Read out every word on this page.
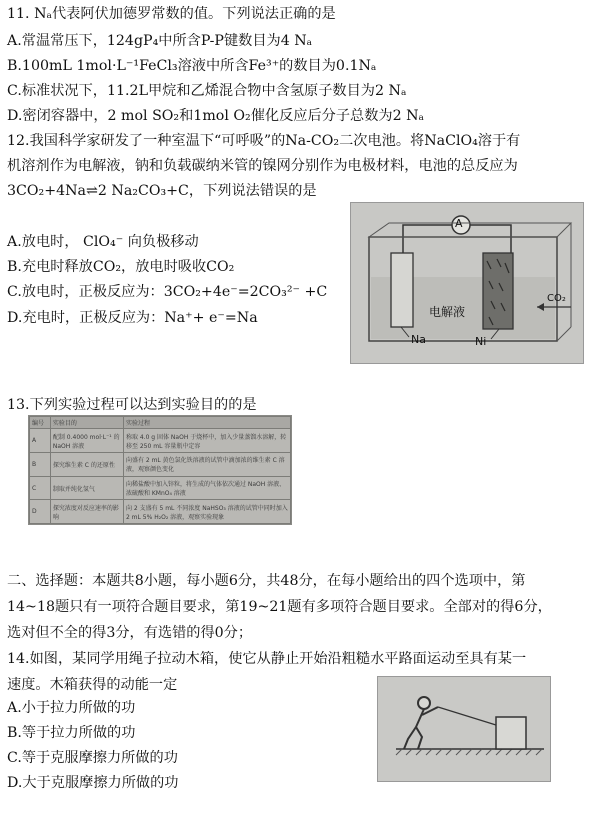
11. Nₐ代表阿伏加德罗常数的值。下列说法正确的是
A.常温常压下，124gP₄中所含P-P键数目为4 Nₐ
B.100mL 1mol·L⁻¹FeCl₃溶液中所含Fe³⁺的数目为0.1Nₐ
C.标准状况下，11.2L甲烷和乙烯混合物中含氢原子数目为2 Nₐ
D.密闭容器中，2 mol SO₂和1mol O₂催化反应后分子总数为2 Nₐ
12.我国科学家研发了一种室温下“可呼吸”的Na-CO₂二次电池。将NaClO₄溶于有
机溶剂作为电解液，钠和负载碳纳米管的镍网分别作为电极材料，电池的总反应为
3CO₂+4Na⇌2 Na₂CO₃+C，下列说法错误的是
A.放电时， ClO₄⁻ 向负极移动
B.充电时释放CO₂，放电时吸收CO₂
C.放电时，正极反应为：3CO₂+4e⁻=2CO₃²⁻ +C
D.充电时，正极反应为：Na⁺+ e⁻=Na
A
电解液
Na	Ni
CO₂
13.下列实验过程可以达到实验目的的是
编号	实验目的	实验过程
A	配制 0.4000 mol·L⁻¹ 的 NaOH 溶液	称取 4.0 g 固体 NaOH 于烧杯中，加入少量蒸馏水溶解，转移至 250 mL 容量瓶中定容
B	探究维生素 C 的还原性	向盛有 2 mL 黄色氯化铁溶液的试管中滴加浓的维生素 C 溶液，观察颜色变化
C	制取并纯化氢气	向稀盐酸中加入锌粒，将生成的气体依次通过 NaOH 溶液、浓硫酸和 KMnO₄ 溶液
D	探究浓度对反应速率的影响	向 2 支盛有 5 mL 不同浓度 NaHSO₃ 溶液的试管中同时加入 2 mL 5% H₂O₂ 溶液，观察实验现象
二、选择题：本题共8小题，每小题6分，共48分，在每小题给出的四个选项中，第
14~18题只有一项符合题目要求，第19~21题有多项符合题目要求。全部对的得6分，
选对但不全的得3分，有选错的得0分；
14.如图，某同学用绳子拉动木箱，使它从静止开始沿粗糙水平路面运动至具有某一
速度。木箱获得的动能一定
A.小于拉力所做的功
B.等于拉力所做的功
C.等于克服摩擦力所做的功
D.大于克服摩擦力所做的功
